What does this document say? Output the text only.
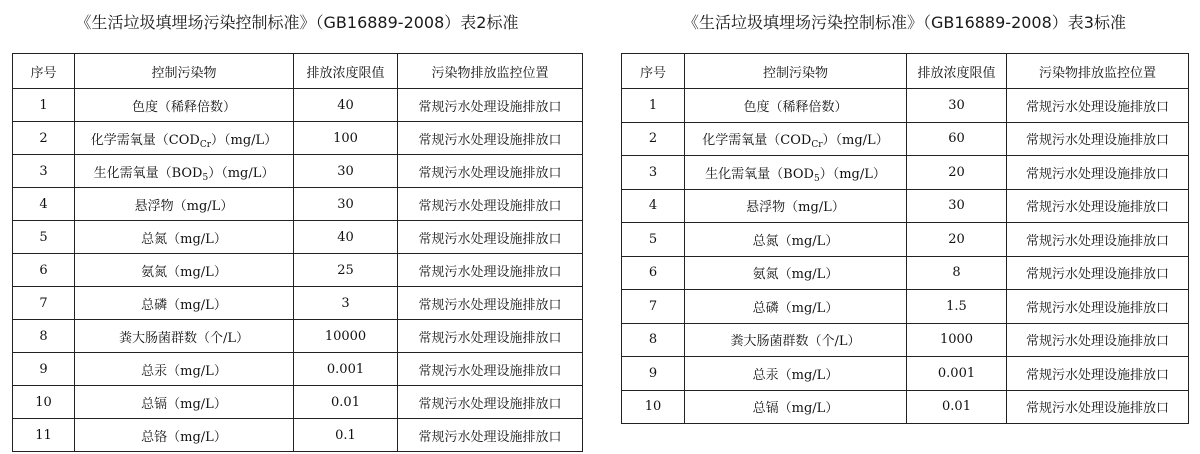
《生活垃圾填埋场污染控制标准》（GB16889-2008）表2标准
序号	控制污染物	排放浓度限值	污染物排放监控位置
1	色度（稀释倍数）	40	常规污水处理设施排放口
2	化学需氧量$(COD_{Cr})(mg/L)$	100	常规污水处理设施排放口
3	生化需氧量$(BOD_5)(mg/L)$	30	常规污水处理设施排放口
4	悬浮物（mg/L）	30	常规污水处理设施排放口
5	总氮（mg/L）	40	常规污水处理设施排放口
6	氨氮（mg/L）	25	常规污水处理设施排放口
7	总磷（mg/L）	3	常规污水处理设施排放口
8	粪大肠菌群数（个/L）	10000	常规污水处理设施排放口
9	总汞（mg/L）	0.001	常规污水处理设施排放口
10	总镉（mg/L）	0.01	常规污水处理设施排放口
11	总铬（mg/L）	0.1	常规污水处理设施排放口
《生活垃圾填埋场污染控制标准》（GB16889-2008）表3标准
序号	控制污染物	排放浓度限值	污染物排放监控位置
1	色度（稀释倍数）	30	常规污水处理设施排放口
2	化学需氧量$(COD_{Cr})(mg/L)$	60	常规污水处理设施排放口
3	生化需氧量$(BOD_5)(mg/L)$	20	常规污水处理设施排放口
4	悬浮物（mg/L）	30	常规污水处理设施排放口
5	总氮（mg/L）	20	常规污水处理设施排放口
6	氨氮（mg/L）	8	常规污水处理设施排放口
7	总磷（mg/L）	1.5	常规污水处理设施排放口
8	粪大肠菌群数（个/L）	1000	常规污水处理设施排放口
9	总汞（mg/L）	0.001	常规污水处理设施排放口
10	总镉（mg/L）	0.01	常规污水处理设施排放口
